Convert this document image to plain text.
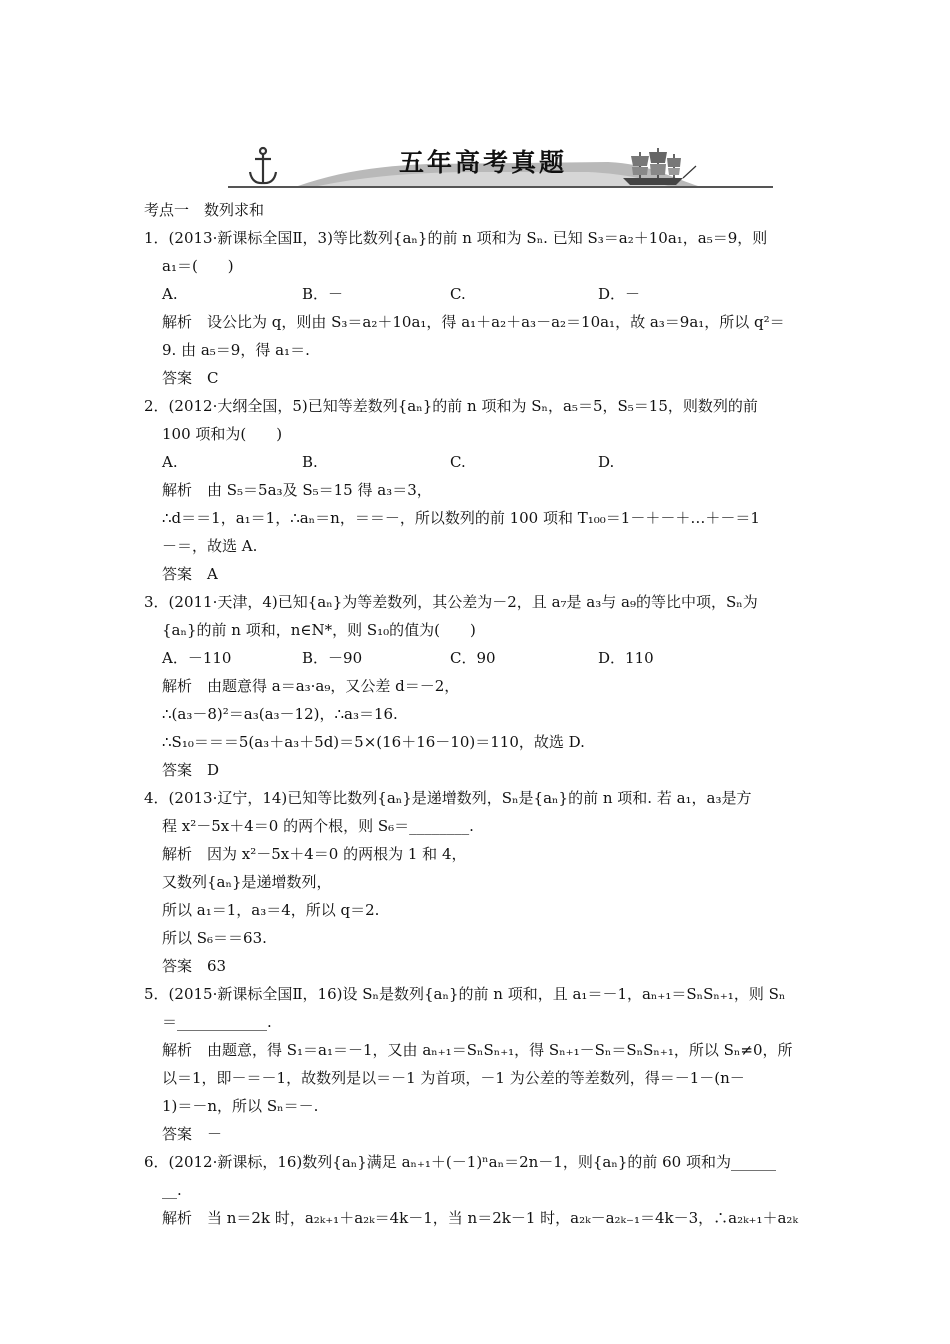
五年高考真题
考点一　数列求和
1．(2013·新课标全国Ⅱ，3)等比数列{aₙ}的前 n 项和为 Sₙ. 已知 S₃＝a₂＋10a₁，a₅＝9，则
a₁＝(　　)
A.	B．－	C.	D．－
解析　设公比为 q，则由 S₃＝a₂＋10a₁，得 a₁＋a₂＋a₃－a₂＝10a₁，故 a₃＝9a₁，所以 q²＝
9. 由 a₅＝9，得 a₁＝.
答案　C
2．(2012·大纲全国，5)已知等差数列{aₙ}的前 n 项和为 Sₙ，a₅＝5，S₅＝15，则数列的前
100 项和为(　　)
A.	B.	C.	D.
解析　由 S₅＝5a₃及 S₅＝15 得 a₃＝3，
∴d＝＝1，a₁＝1，∴aₙ＝n，＝＝－，所以数列的前 100 项和 T₁₀₀＝1－＋－＋…＋－＝1
－＝，故选 A.
答案　A
3．(2011·天津，4)已知{aₙ}为等差数列，其公差为－2，且 a₇是 a₃与 a₉的等比中项，Sₙ为
{aₙ}的前 n 项和，n∈N*，则 S₁₀的值为(　　)
A．－110	B．－90	C．90	D．110
解析　由题意得 a＝a₃·a₉，又公差 d＝－2，
∴(a₃－8)²＝a₃(a₃－12)，∴a₃＝16.
∴S₁₀＝＝＝5(a₃＋a₃＋5d)＝5×(16＋16－10)＝110，故选 D.
答案　D
4．(2013·辽宁，14)已知等比数列{aₙ}是递增数列，Sₙ是{aₙ}的前 n 项和. 若 a₁，a₃是方
程 x²－5x＋4＝0 的两个根，则 S₆＝________.
解析　因为 x²－5x＋4＝0 的两根为 1 和 4，
又数列{aₙ}是递增数列，
所以 a₁＝1，a₃＝4，所以 q＝2.
所以 S₆＝＝63.
答案　63
5．(2015·新课标全国Ⅱ，16)设 Sₙ是数列{aₙ}的前 n 项和，且 a₁＝－1，aₙ₊₁＝SₙSₙ₊₁，则 Sₙ
＝____________.
解析　由题意，得 S₁＝a₁＝－1，又由 aₙ₊₁＝SₙSₙ₊₁，得 Sₙ₊₁－Sₙ＝SₙSₙ₊₁，所以 Sₙ≠0，所
以＝1，即－＝－1，故数列是以＝－1 为首项，－1 为公差的等差数列，得＝－1－(n－
1)＝－n，所以 Sₙ＝－.
答案　－
6．(2012·新课标，16)数列{aₙ}满足 aₙ₊₁＋(－1)ⁿaₙ＝2n－1，则{aₙ}的前 60 项和为______
__.
解析　当 n＝2k 时，a₂ₖ₊₁＋a₂ₖ＝4k－1，当 n＝2k－1 时，a₂ₖ－a₂ₖ₋₁＝4k－3，∴a₂ₖ₊₁＋a₂ₖ
